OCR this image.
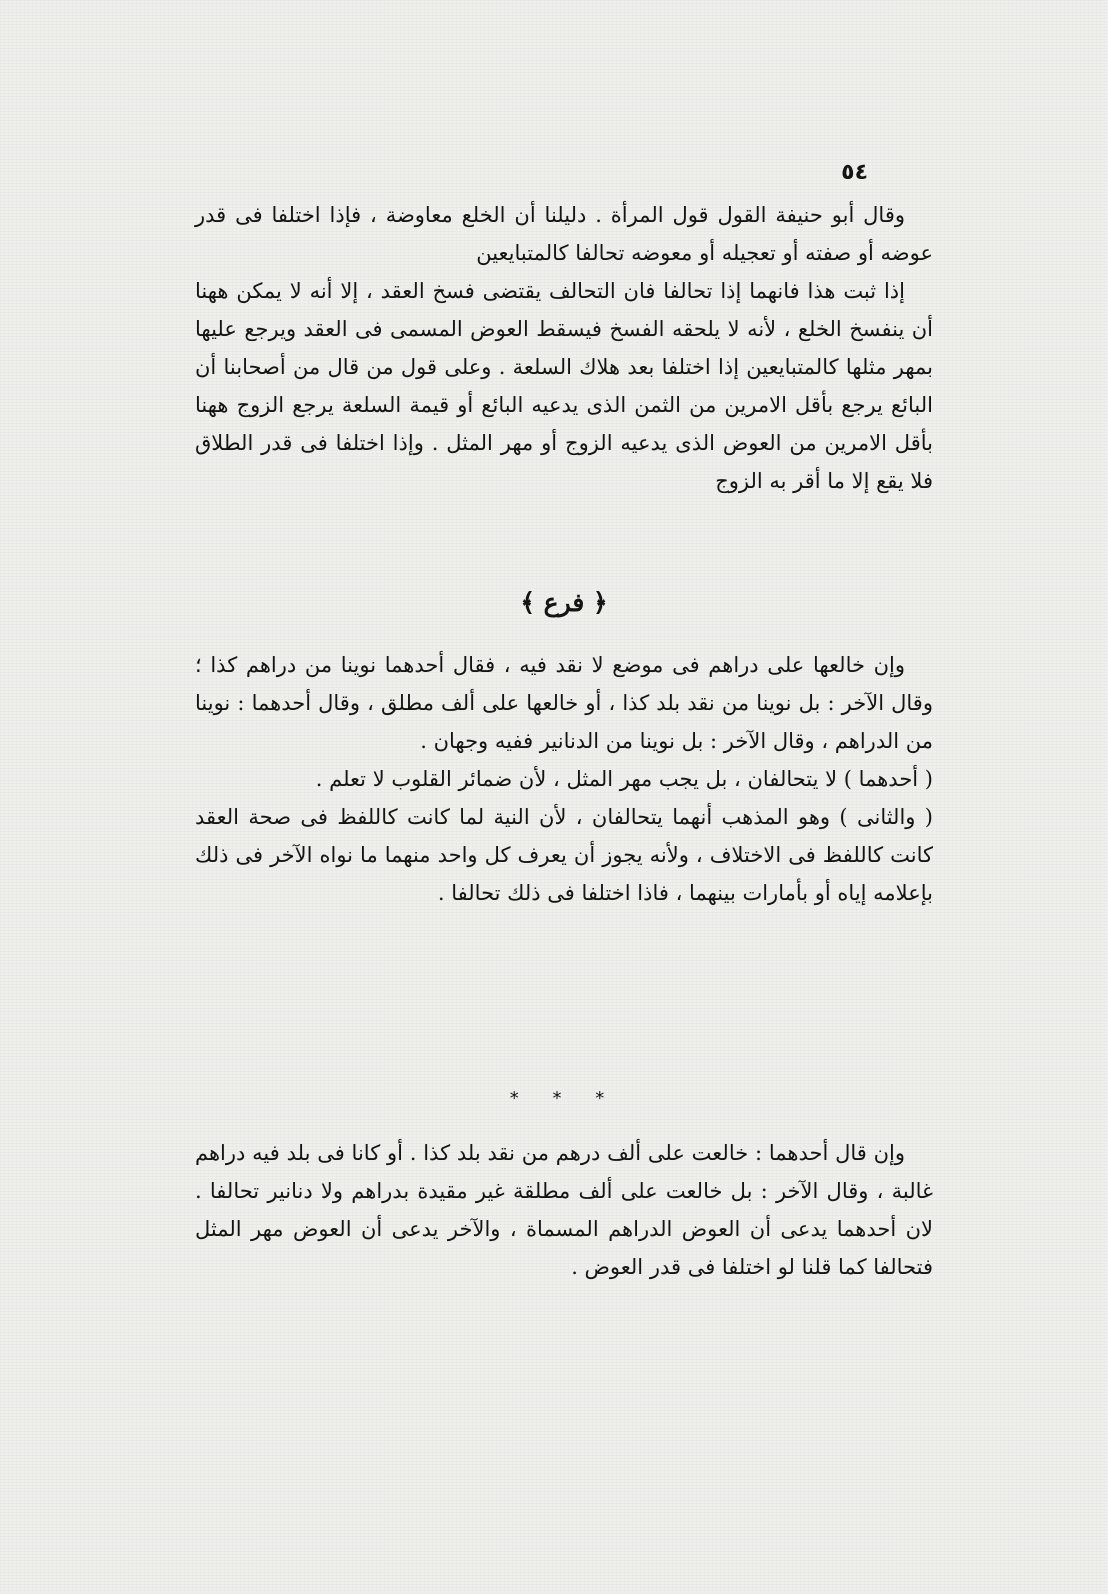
٥٤

وقال أبو حنيفة القول قول المرأة . دليلنا أن الخلع معاوضة ، فإذا اختلفا فى قدر عوضه أو صفته أو تعجيله أو معوضه تحالفا كالمتبايعين

إذا ثبت هذا فانهما إذا تحالفا فان التحالف يقتضى فسخ العقد ، إلا أنه لا يمكن ههنا أن ينفسخ الخلع ، لأنه لا يلحقه الفسخ فيسقط العوض المسمى فى العقد ويرجع عليها بمهر مثلها كالمتبايعين إذا اختلفا بعد هلاك السلعة . وعلى قول من قال من أصحابنا أن البائع يرجع بأقل الامرين من الثمن الذى يدعيه البائع أو قيمة السلعة يرجع الزوج ههنا بأقل الامرين من العوض الذى يدعيه الزوج أو مهر المثل . وإذا اختلفا فى قدر الطلاق فلا يقع إلا ما أقر به الزوج

﴿ فرع ﴾

وإن خالعها على دراهم فى موضع لا نقد فيه ، فقال أحدهما نوينا من دراهم كذا ؛ وقال الآخر : بل نوينا من نقد بلد كذا ، أو خالعها على ألف مطلق ، وقال أحدهما : نوينا من الدراهم ، وقال الآخر : بل نوينا من الدنانير ففيه وجهان .

( أحدهما ) لا يتحالفان ، بل يجب مهر المثل ، لأن ضمائر القلوب لا تعلم .

( والثانى ) وهو المذهب أنهما يتحالفان ، لأن النية لما كانت كاللفظ فى صحة العقد كانت كاللفظ فى الاختلاف ، ولأنه يجوز أن يعرف كل واحد منهما ما نواه الآخر فى ذلك بإعلامه إياه أو بأمارات بينهما ، فاذا اختلفا فى ذلك تحالفا .

* * *

وإن قال أحدهما : خالعت على ألف درهم من نقد بلد كذا . أو كانا فى بلد فيه دراهم غالبة ، وقال الآخر : بل خالعت على ألف مطلقة غير مقيدة بدراهم ولا دنانير تحالفا . لان أحدهما يدعى أن العوض الدراهم المسماة ، والآخر يدعى أن العوض مهر المثل فتحالفا كما قلنا لو اختلفا فى قدر العوض .
